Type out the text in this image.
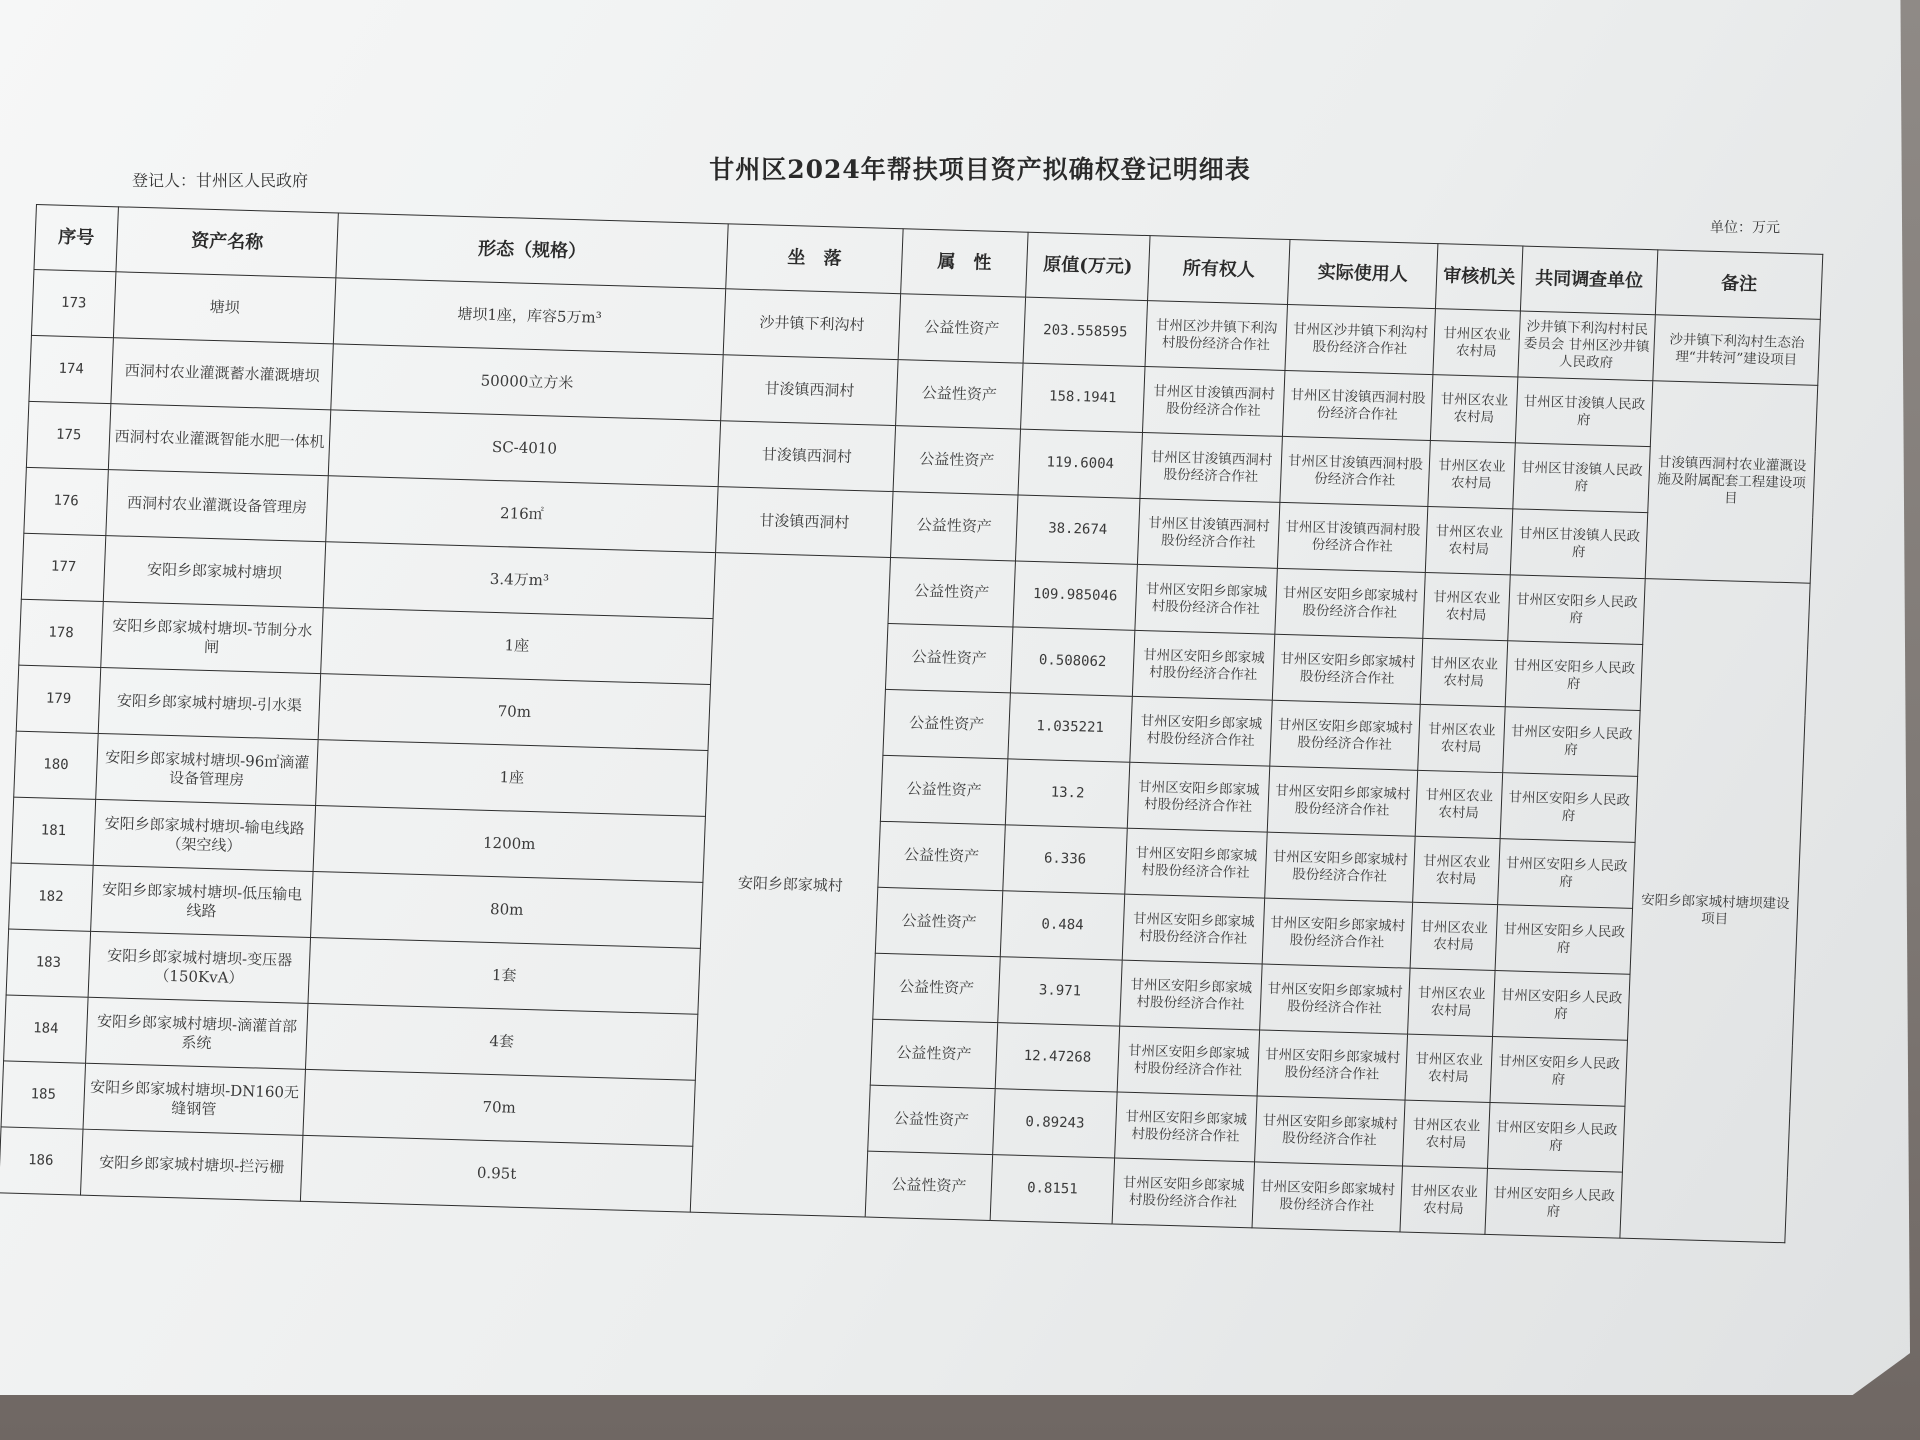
甘州区2024年帮扶项目资产拟确权登记明细表
登记人：甘州区人民政府
单位：万元
序号	资产名称	形态（规格）	坐　落	属　性	原值(万元)	所有权人	实际使用人	审核机关	共同调查单位	备注
173	塘坝	塘坝1座，库容5万m³	沙井镇下利沟村	公益性资产	203.558595	甘州区沙井镇下利沟村股份经济合作社	甘州区沙井镇下利沟村股份经济合作社	甘州区农业农村局	沙井镇下利沟村村民委员会 甘州区沙井镇人民政府	沙井镇下利沟村生态治理“井转河”建设项目
174	西洞村农业灌溉蓄水灌溉塘坝	50000立方米	甘浚镇西洞村	公益性资产	158.1941	甘州区甘浚镇西洞村股份经济合作社	甘州区甘浚镇西洞村股份经济合作社	甘州区农业农村局	甘州区甘浚镇人民政府	甘浚镇西洞村农业灌溉设施及附属配套工程建设项目
175	西洞村农业灌溉智能水肥一体机	SC-4010	甘浚镇西洞村	公益性资产	119.6004	甘州区甘浚镇西洞村股份经济合作社	甘州区甘浚镇西洞村股份经济合作社	甘州区农业农村局	甘州区甘浚镇人民政府	
176	西洞村农业灌溉设备管理房	216㎡	甘浚镇西洞村	公益性资产	38.2674	甘州区甘浚镇西洞村股份经济合作社	甘州区甘浚镇西洞村股份经济合作社	甘州区农业农村局	甘州区甘浚镇人民政府	
177	安阳乡郎家城村塘坝	3.4万m³	安阳乡郎家城村	公益性资产	109.985046	甘州区安阳乡郎家城村股份经济合作社	甘州区安阳乡郎家城村股份经济合作社	甘州区农业农村局	甘州区安阳乡人民政府	安阳乡郎家城村塘坝建设项目
178	安阳乡郎家城村塘坝-节制分水闸	1座		公益性资产	0.508062	甘州区安阳乡郎家城村股份经济合作社	甘州区安阳乡郎家城村股份经济合作社	甘州区农业农村局	甘州区安阳乡人民政府	
179	安阳乡郎家城村塘坝-引水渠	70m		公益性资产	1.035221	甘州区安阳乡郎家城村股份经济合作社	甘州区安阳乡郎家城村股份经济合作社	甘州区农业农村局	甘州区安阳乡人民政府	
180	安阳乡郎家城村塘坝-96㎡滴灌设备管理房	1座		公益性资产	13.2	甘州区安阳乡郎家城村股份经济合作社	甘州区安阳乡郎家城村股份经济合作社	甘州区农业农村局	甘州区安阳乡人民政府	
181	安阳乡郎家城村塘坝-输电线路（架空线）	1200m		公益性资产	6.336	甘州区安阳乡郎家城村股份经济合作社	甘州区安阳乡郎家城村股份经济合作社	甘州区农业农村局	甘州区安阳乡人民政府	
182	安阳乡郎家城村塘坝-低压输电线路	80m		公益性资产	0.484	甘州区安阳乡郎家城村股份经济合作社	甘州区安阳乡郎家城村股份经济合作社	甘州区农业农村局	甘州区安阳乡人民政府	
183	安阳乡郎家城村塘坝-变压器（150KvA）	1套		公益性资产	3.971	甘州区安阳乡郎家城村股份经济合作社	甘州区安阳乡郎家城村股份经济合作社	甘州区农业农村局	甘州区安阳乡人民政府	
184	安阳乡郎家城村塘坝-滴灌首部系统	4套		公益性资产	12.47268	甘州区安阳乡郎家城村股份经济合作社	甘州区安阳乡郎家城村股份经济合作社	甘州区农业农村局	甘州区安阳乡人民政府	
185	安阳乡郎家城村塘坝-DN160无缝钢管	70m		公益性资产	0.89243	甘州区安阳乡郎家城村股份经济合作社	甘州区安阳乡郎家城村股份经济合作社	甘州区农业农村局	甘州区安阳乡人民政府	
186	安阳乡郎家城村塘坝-拦污栅	0.95t		公益性资产	0.8151	甘州区安阳乡郎家城村股份经济合作社	甘州区安阳乡郎家城村股份经济合作社	甘州区农业农村局	甘州区安阳乡人民政府	
